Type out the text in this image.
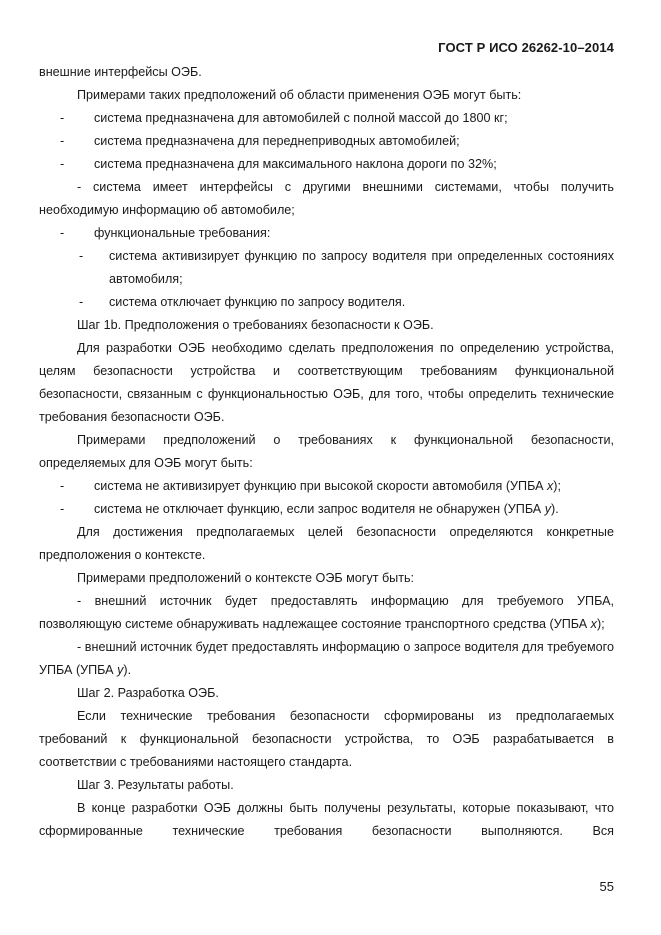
ГОСТ Р ИСО 26262-10–2014

внешние интерфейсы ОЭБ.

Примерами таких предположений об области применения ОЭБ могут быть:

- система предназначена для автомобилей с полной массой до 1800 кг;

- система предназначена для переднеприводных автомобилей;

- система предназначена для максимального наклона дороги по 32%;

- система имеет интерфейсы с другими внешними системами, чтобы получить

необходимую информацию об автомобиле;

- функциональные требования:

- система активизирует функцию по запросу водителя при определенных состояниях автомобиля;

- система отключает функцию по запросу водителя.

Шаг 1b. Предположения о требованиях безопасности к ОЭБ.

Для разработки ОЭБ необходимо сделать предположения по определению устройства, целям безопасности устройства и соответствующим требованиям функциональной безопасности, связанным с функциональностью ОЭБ, для того, чтобы определить технические требования безопасности ОЭБ.

Примерами предположений о требованиях к функциональной безопасности, определяемых для ОЭБ могут быть:

- система не активизирует функцию при высокой скорости автомобиля (УПБА x);

- система не отключает функцию, если запрос водителя не обнаружен (УПБА y).

Для достижения предполагаемых целей безопасности определяются конкретные предположения о контексте.

Примерами предположений о контексте ОЭБ могут быть:

- внешний источник будет предоставлять информацию для требуемого УПБА, позволяющую системе обнаруживать надлежащее состояние транспортного средства (УПБА x);

- внешний источник будет предоставлять информацию о запросе водителя для требуемого УПБА (УПБА y).

Шаг 2. Разработка ОЭБ.

Если технические требования безопасности сформированы из предполагаемых требований к функциональной безопасности устройства, то ОЭБ разрабатывается в соответствии с требованиями настоящего стандарта.

Шаг 3. Результаты работы.

В конце разработки ОЭБ должны быть получены результаты, которые показывают, что сформированные технические требования безопасности выполняются. Вся

55
